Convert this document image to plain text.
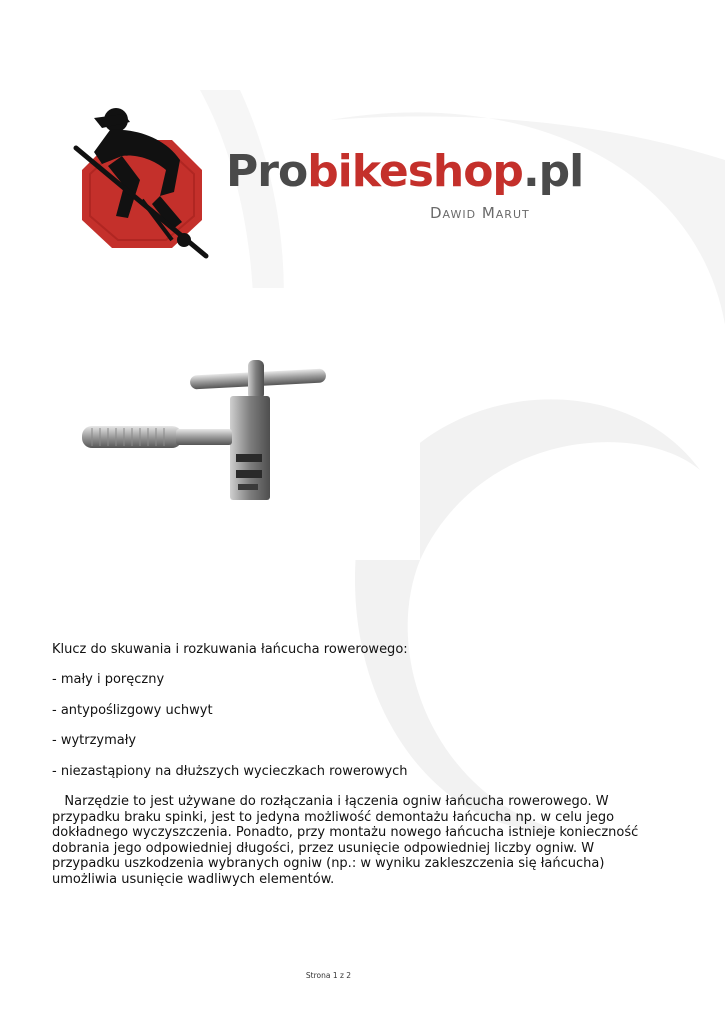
Probikeshop.pl
Dawid Marut
Klucz do skuwania i rozkuwania łańcucha rowerowego:
- mały i poręczny
- antypoślizgowy uchwyt
- wytrzymały
- niezastąpiony na dłuższych wycieczkach rowerowych
Narzędzie to jest używane do rozłączania i łączenia ogniw łańcucha rowerowego. W przypadku braku spinki, jest to jedyna możliwość demontażu łańcucha np. w celu jego dokładnego wyczyszczenia. Ponadto, przy montażu nowego łańcucha istnieje konieczność dobrania jego odpowiedniej długości, przez usunięcie odpowiedniej liczby ogniw. W przypadku uszkodzenia wybranych ogniw (np.: w wyniku zakleszczenia się łańcucha) umożliwia usunięcie wadliwych elementów.
Strona 1 z 2
